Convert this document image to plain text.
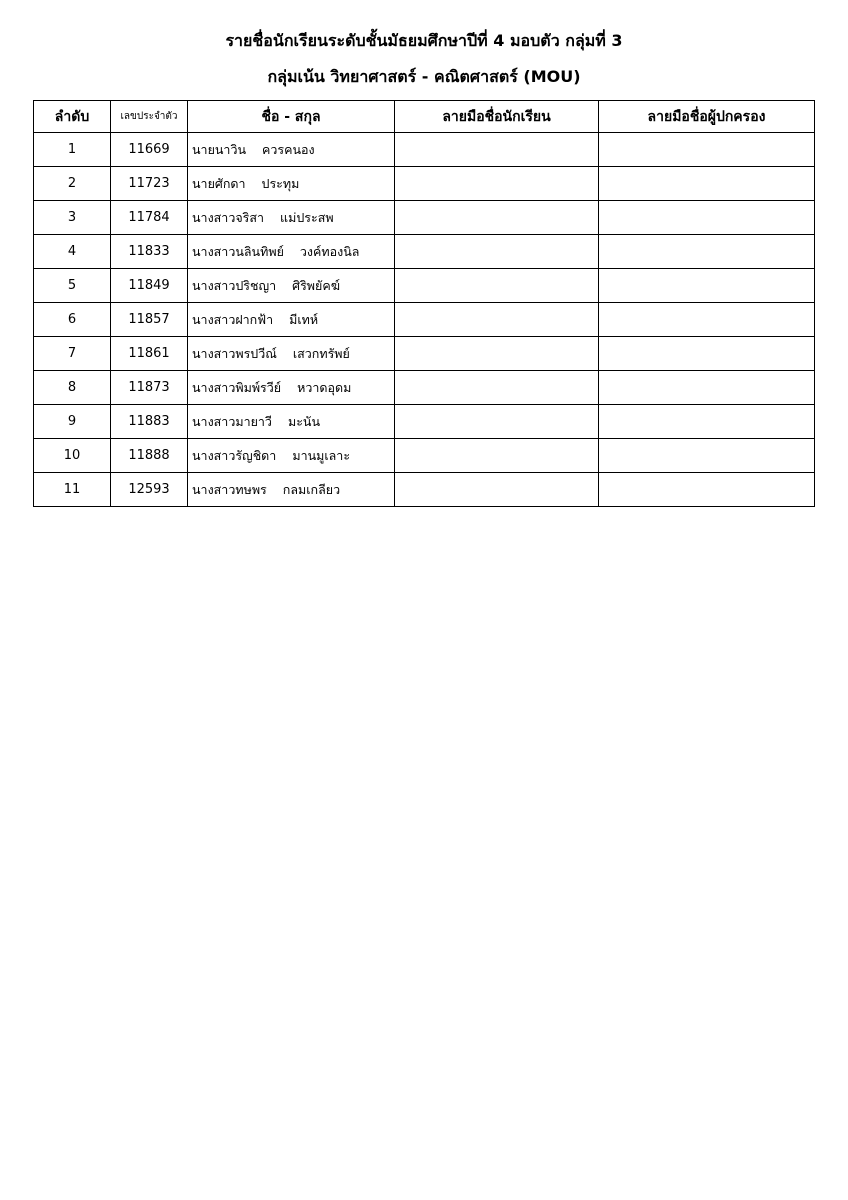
รายชื่อนักเรียนระดับชั้นมัธยมศึกษาปีที่ 4 มอบตัว กลุ่มที่ 3
กลุ่มเน้น วิทยาศาสตร์ - คณิตศาสตร์ (MOU)
ลำดับ	เลขประจำตัว	ชื่อ - สกุล	ลายมือชื่อนักเรียน	ลายมือชื่อผู้ปกครอง
1	11669	นายนาวิน ควรคนอง		
2	11723	นายศักดา ประทุม		
3	11784	นางสาวจริสา แม่ประสพ		
4	11833	นางสาวนลินทิพย์ วงค์ทองนิล		
5	11849	นางสาวปริชญา ศิริพยัคฆ์		
6	11857	นางสาวฝากฟ้า มีเทห์		
7	11861	นางสาวพรปวีณ์ เสวกทรัพย์		
8	11873	นางสาวพิมพ์รวีย์ หวาดอุดม		
9	11883	นางสาวมายาวี มะนัน		
10	11888	นางสาวรัญชิดา มานมูเลาะ		
11	12593	นางสาวทษพร กลมเกลียว		
